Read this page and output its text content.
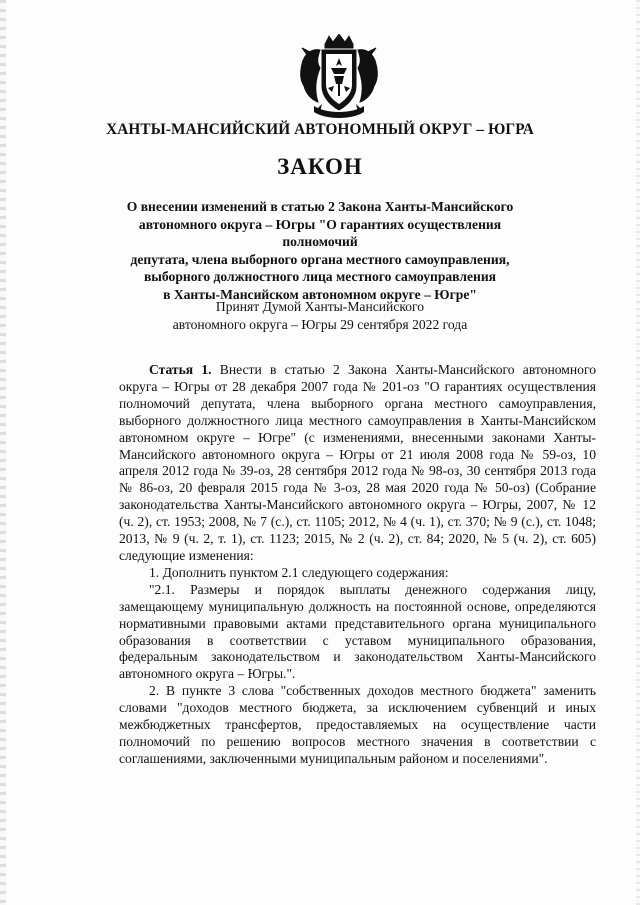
ХАНТЫ-МАНСИЙСКИЙ АВТОНОМНЫЙ ОКРУГ – ЮГРА
ЗАКОН
О внесении изменений в статью 2 Закона Ханты-Мансийского
автономного округа – Югры "О гарантиях осуществления полномочий
депутата, члена выборного органа местного самоуправления,
выборного должностного лица местного самоуправления
в Ханты-Мансийском автономном округе – Югре"
Принят Думой Ханты-Мансийского
автономного округа – Югры 29 сентября 2022 года

Статья 1. Внести в статью 2 Закона Ханты-Мансийского автономного округа – Югры от 28 декабря 2007 года № 201-оз "О гарантиях осуществления полномочий депутата, члена выборного органа местного самоуправления, выборного должностного лица местного самоуправления в Ханты-Мансийском автономном округе – Югре" (с изменениями, внесенными законами Ханты-Мансийского автономного округа – Югры от 21 июля 2008 года № 59-оз, 10 апреля 2012 года № 39-оз, 28 сентября 2012 года № 98-оз, 30 сентября 2013 года № 86-оз, 20 февраля 2015 года № 3-оз, 28 мая 2020 года № 50-оз) (Собрание законодательства Ханты-Мансийского автономного округа – Югры, 2007, № 12 (ч. 2), ст. 1953; 2008, № 7 (с.), ст. 1105; 2012, № 4 (ч. 1), ст. 370; № 9 (с.), ст. 1048; 2013, № 9 (ч. 2, т. 1), ст. 1123; 2015, № 2 (ч. 2), ст. 84; 2020, № 5 (ч. 2), ст. 605) следующие изменения:

1. Дополнить пунктом 2.1 следующего содержания:

"2.1. Размеры и порядок выплаты денежного содержания лицу, замещающему муниципальную должность на постоянной основе, определяются нормативными правовыми актами представительного органа муниципального образования в соответствии с уставом муниципального образования, федеральным законодательством и законодательством Ханты-Мансийского автономного округа – Югры.".

2. В пункте 3 слова "собственных доходов местного бюджета" заменить словами "доходов местного бюджета, за исключением субвенций и иных межбюджетных трансфертов, предоставляемых на осуществление части полномочий по решению вопросов местного значения в соответствии с соглашениями, заключенными муниципальным районом и поселениями".
